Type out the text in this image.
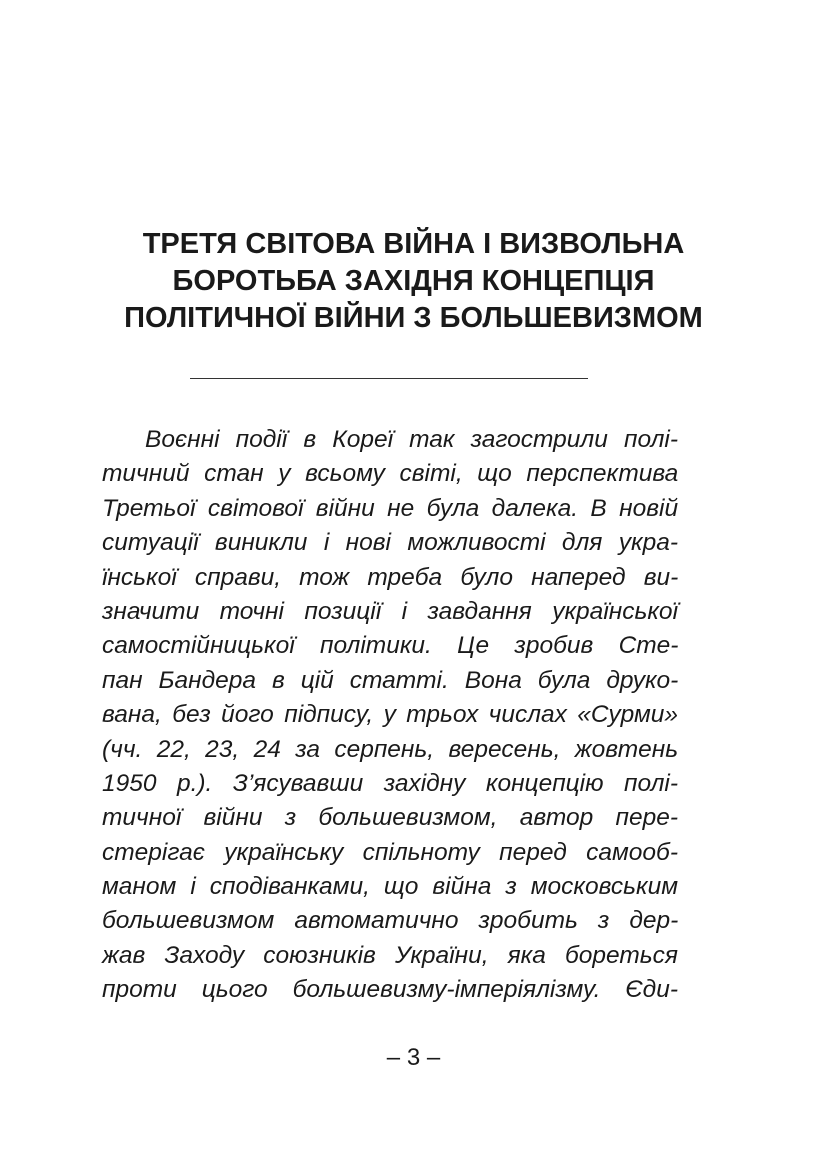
ТРЕТЯ СВІТОВА ВІЙНА І ВИЗВОЛЬНА
БОРОТЬБА ЗАХІДНЯ КОНЦЕПЦІЯ
ПОЛІТИЧНОЇ ВІЙНИ З БОЛЬШЕВИЗМОМ
Воєнні події в Кореї так загострили полі-
тичний стан у всьому світі, що перспектива
Третьої світової війни не була далека. В новій
ситуації виникли і нові можливості для укра-
їнської справи, тож треба було наперед ви-
значити точні позиції і завдання української
самостійницької політики. Це зробив Сте-
пан Бандера в цій статті. Вона була друко-
вана, без його підпису, у трьох числах «Сурми»
(чч. 22, 23, 24 за серпень, вересень, жовтень
1950 р.). З’ясувавши західну концепцію полі-
тичної війни з большевизмом, автор пере-
стерігає українську спільноту перед самооб-
маном і сподіванками, що війна з московським
большевизмом автоматично зробить з дер-
жав Заходу союзників України, яка бореться
проти цього большевизму-імперіялізму. Єди-
– 3 –
